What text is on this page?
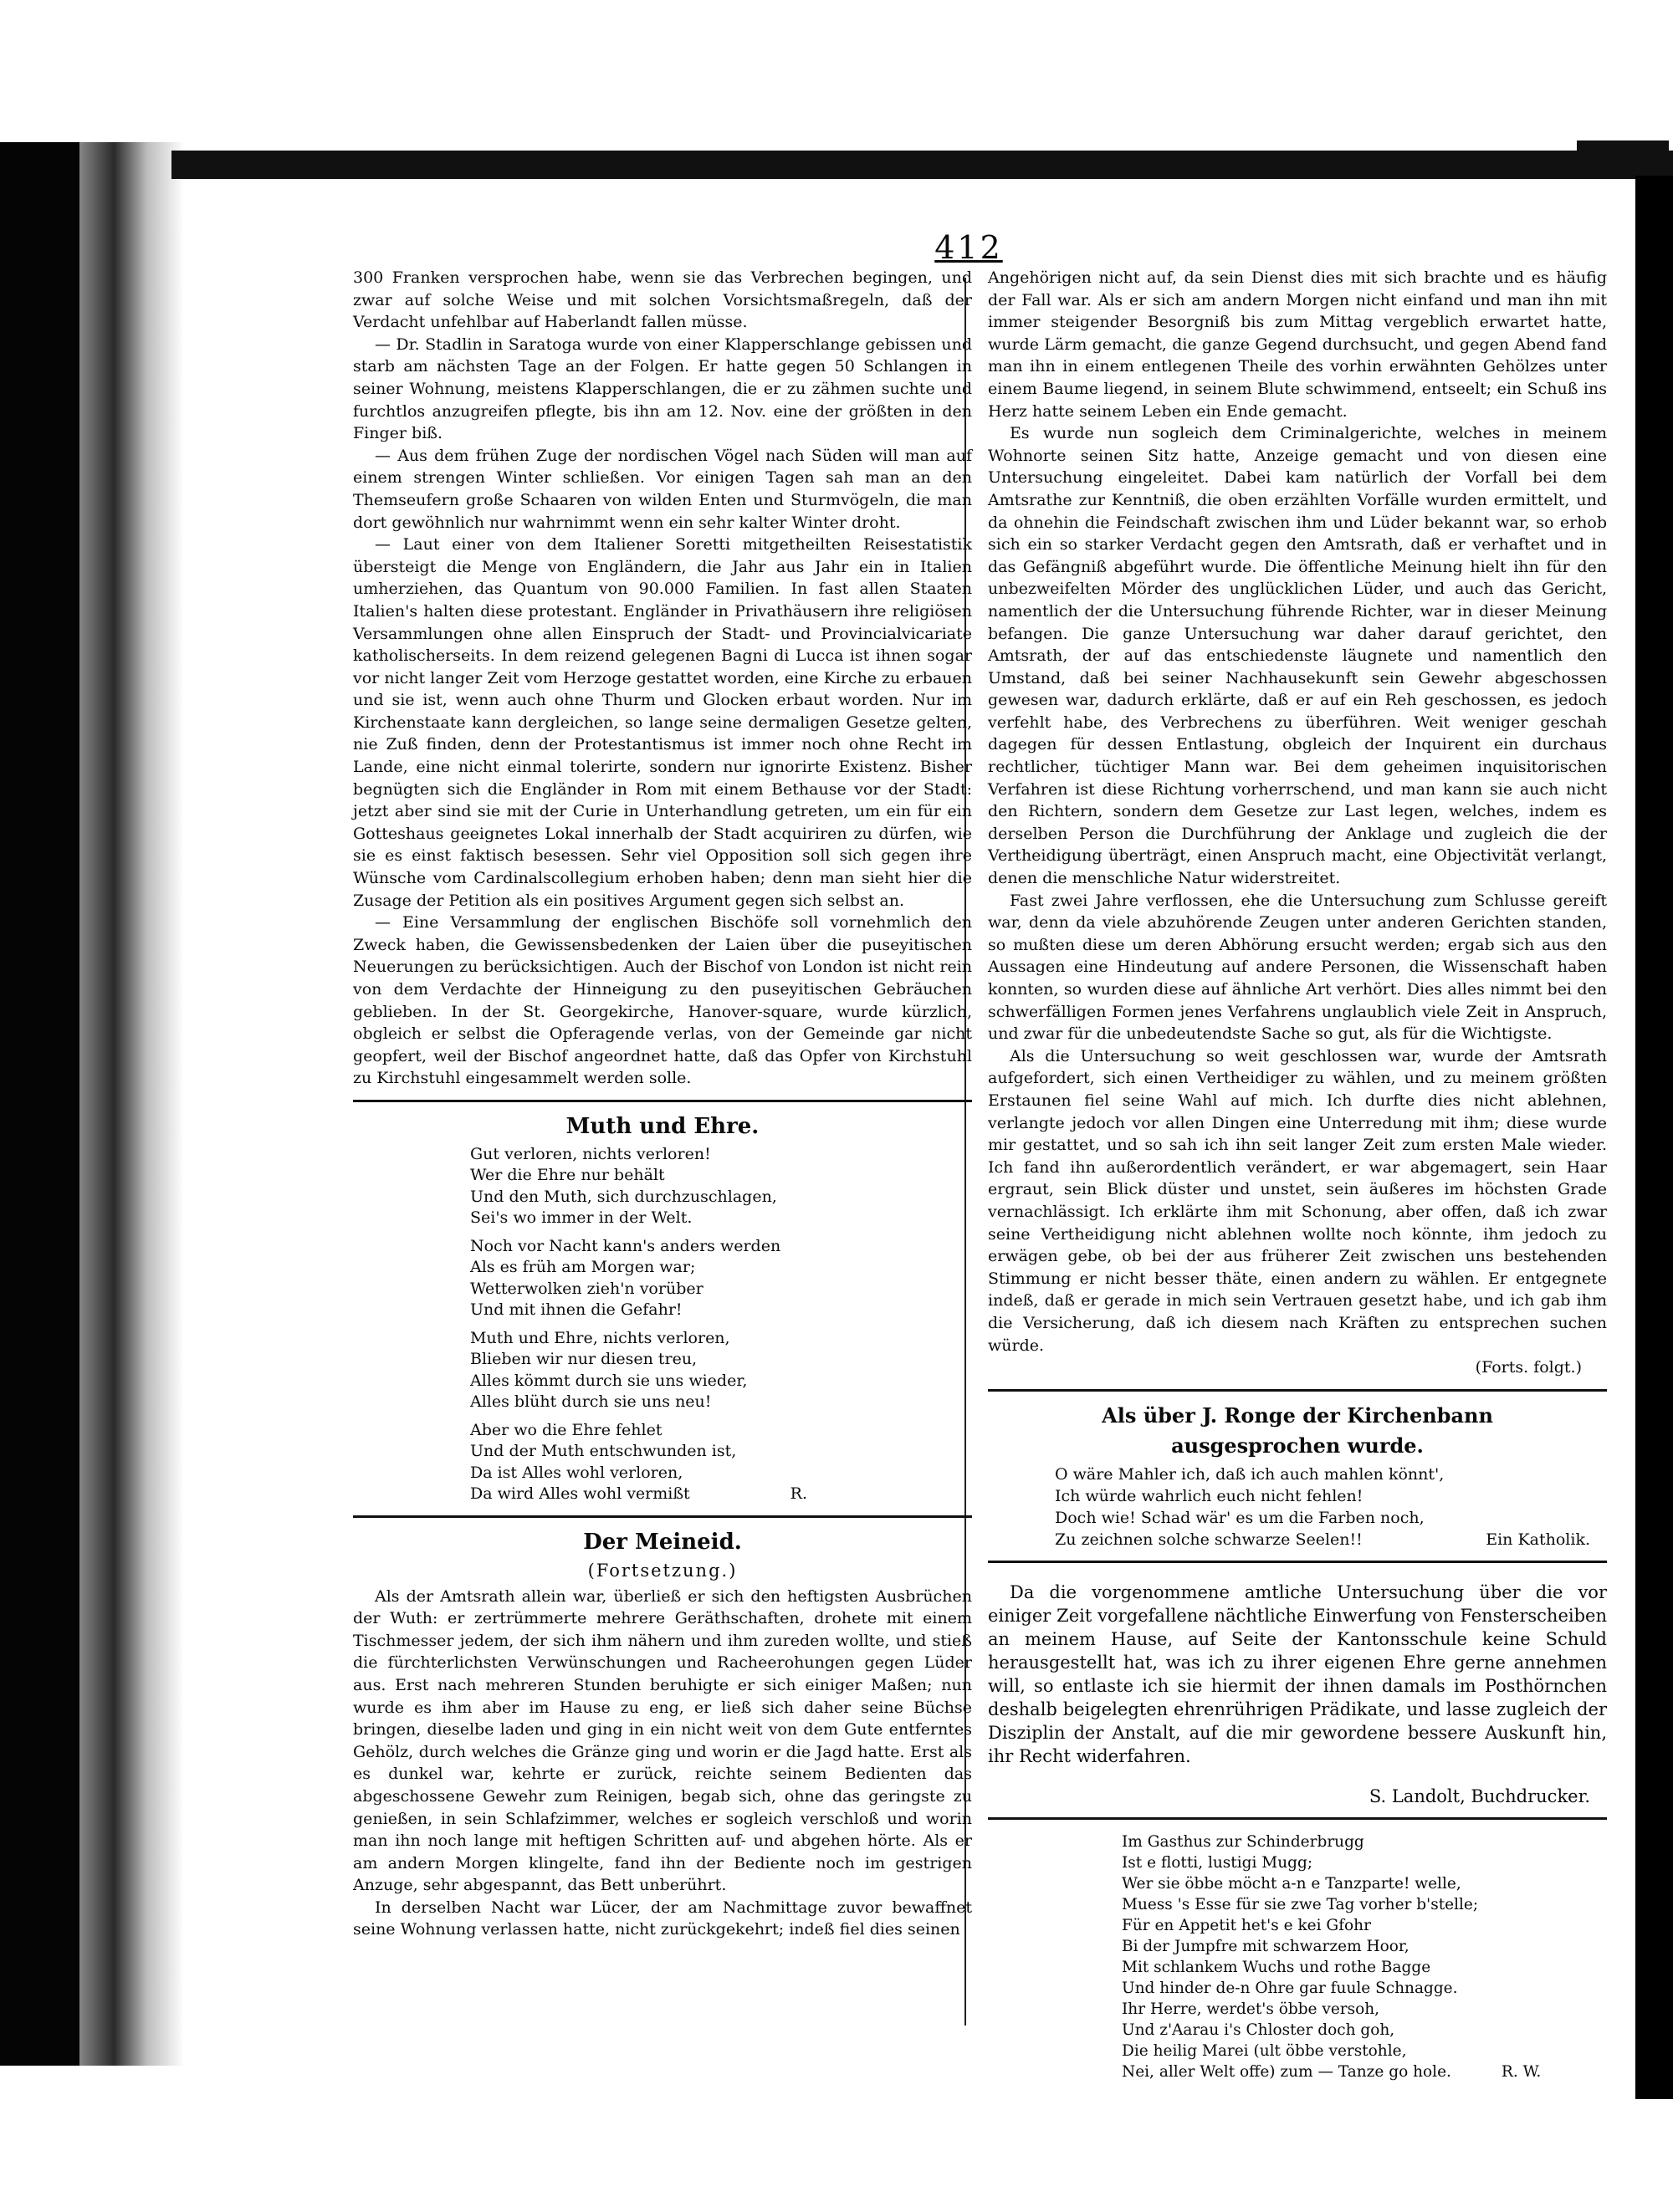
412

300 Franken versprochen habe, wenn sie das Verbrechen begingen, und zwar auf solche Weise und mit solchen Vorsichtsmaßregeln, daß der Verdacht unfehlbar auf Haberlandt fallen müsse.

— Dr. Stadlin in Saratoga wurde von einer Klapperschlange gebissen und starb am nächsten Tage an der Folgen. Er hatte gegen 50 Schlangen in seiner Wohnung, meistens Klapperschlangen, die er zu zähmen suchte und furchtlos anzugreifen pflegte, bis ihn am 12. Nov. eine der größten in den Finger biß.

— Aus dem frühen Zuge der nordischen Vögel nach Süden will man auf einem strengen Winter schließen. Vor einigen Tagen sah man an den Themseufern große Schaaren von wilden Enten und Sturmvögeln, die man dort gewöhnlich nur wahrnimmt wenn ein sehr kalter Winter droht.

— Laut einer von dem Italiener Soretti mitgetheilten Reisestatistik übersteigt die Menge von Engländern, die Jahr aus Jahr ein in Italien umherziehen, das Quantum von 90.000 Familien. In fast allen Staaten Italien's halten diese protestant. Engländer in Privathäusern ihre religiösen Versammlungen ohne allen Einspruch der Stadt- und Provincialvicariate katholischerseits. In dem reizend gelegenen Bagni di Lucca ist ihnen sogar vor nicht langer Zeit vom Herzoge gestattet worden, eine Kirche zu erbauen und sie ist, wenn auch ohne Thurm und Glocken erbaut worden. Nur im Kirchenstaate kann dergleichen, so lange seine dermaligen Gesetze gelten, nie Zuß finden, denn der Protestantismus ist immer noch ohne Recht im Lande, eine nicht einmal tolerirte, sondern nur ignorirte Existenz. Bisher begnügten sich die Engländer in Rom mit einem Bethause vor der Stadt: jetzt aber sind sie mit der Curie in Unterhandlung getreten, um ein für ein Gotteshaus geeignetes Lokal innerhalb der Stadt acquiriren zu dürfen, wie sie es einst faktisch besessen. Sehr viel Opposition soll sich gegen ihre Wünsche vom Cardinalscollegium erhoben haben; denn man sieht hier die Zusage der Petition als ein positives Argument gegen sich selbst an.

— Eine Versammlung der englischen Bischöfe soll vornehmlich den Zweck haben, die Gewissensbedenken der Laien über die puseyitischen Neuerungen zu berücksichtigen. Auch der Bischof von London ist nicht rein von dem Verdachte der Hinneigung zu den puseyitischen Gebräuchen geblieben. In der St. Georgekirche, Hanover-square, wurde kürzlich, obgleich er selbst die Opferagende verlas, von der Gemeinde gar nicht geopfert, weil der Bischof angeordnet hatte, daß das Opfer von Kirchstuhl zu Kirchstuhl eingesammelt werden solle.

Muth und Ehre.
Gut verloren, nichts verloren!
Wer die Ehre nur behält
Und den Muth, sich durchzuschlagen,
Sei's wo immer in der Welt.
Noch vor Nacht kann's anders werden
Als es früh am Morgen war;
Wetterwolken zieh'n vorüber
Und mit ihnen die Gefahr!
Muth und Ehre, nichts verloren,
Blieben wir nur diesen treu,
Alles kömmt durch sie uns wieder,
Alles blüht durch sie uns neu!
Aber wo die Ehre fehlet
Und der Muth entschwunden ist,
Da ist Alles wohl verloren,
Da wird Alles wohl vermißt	R.
Der Meineid.
(Fortsetzung.)

Als der Amtsrath allein war, überließ er sich den heftigsten Ausbrüchen der Wuth: er zertrümmerte mehrere Geräthschaften, drohete mit einem Tischmesser jedem, der sich ihm nähern und ihm zureden wollte, und stieß die fürchterlichsten Verwünschungen und Racheerohungen gegen Lüder aus. Erst nach mehreren Stunden beruhigte er sich einiger Maßen; nun wurde es ihm aber im Hause zu eng, er ließ sich daher seine Büchse bringen, dieselbe laden und ging in ein nicht weit von dem Gute entferntes Gehölz, durch welches die Gränze ging und worin er die Jagd hatte. Erst als es dunkel war, kehrte er zurück, reichte seinem Bedienten das abgeschossene Gewehr zum Reinigen, begab sich, ohne das geringste zu genießen, in sein Schlafzimmer, welches er sogleich verschloß und worin man ihn noch lange mit heftigen Schritten auf- und abgehen hörte. Als er am andern Morgen klingelte, fand ihn der Bediente noch im gestrigen Anzuge, sehr abgespannt, das Bett unberührt.

In derselben Nacht war Lücer, der am Nachmittage zuvor bewaffnet seine Wohnung verlassen hatte, nicht zurückgekehrt; indeß fiel dies seinen

Angehörigen nicht auf, da sein Dienst dies mit sich brachte und es häufig der Fall war. Als er sich am andern Morgen nicht einfand und man ihn mit immer steigender Besorgniß bis zum Mittag vergeblich erwartet hatte, wurde Lärm gemacht, die ganze Gegend durchsucht, und gegen Abend fand man ihn in einem entlegenen Theile des vorhin erwähnten Gehölzes unter einem Baume liegend, in seinem Blute schwimmend, entseelt; ein Schuß ins Herz hatte seinem Leben ein Ende gemacht.

Es wurde nun sogleich dem Criminalgerichte, welches in meinem Wohnorte seinen Sitz hatte, Anzeige gemacht und von diesen eine Untersuchung eingeleitet. Dabei kam natürlich der Vorfall bei dem Amtsrathe zur Kenntniß, die oben erzählten Vorfälle wurden ermittelt, und da ohnehin die Feindschaft zwischen ihm und Lüder bekannt war, so erhob sich ein so starker Verdacht gegen den Amtsrath, daß er verhaftet und in das Gefängniß abgeführt wurde. Die öffentliche Meinung hielt ihn für den unbezweifelten Mörder des unglücklichen Lüder, und auch das Gericht, namentlich der die Untersuchung führende Richter, war in dieser Meinung befangen. Die ganze Untersuchung war daher darauf gerichtet, den Amtsrath, der auf das entschiedenste läugnete und namentlich den Umstand, daß bei seiner Nachhausekunft sein Gewehr abgeschossen gewesen war, dadurch erklärte, daß er auf ein Reh geschossen, es jedoch verfehlt habe, des Verbrechens zu überführen. Weit weniger geschah dagegen für dessen Entlastung, obgleich der Inquirent ein durchaus rechtlicher, tüchtiger Mann war. Bei dem geheimen inquisitorischen Verfahren ist diese Richtung vorherrschend, und man kann sie auch nicht den Richtern, sondern dem Gesetze zur Last legen, welches, indem es derselben Person die Durchführung der Anklage und zugleich die der Vertheidigung überträgt, einen Anspruch macht, eine Objectivität verlangt, denen die menschliche Natur widerstreitet.

Fast zwei Jahre verflossen, ehe die Untersuchung zum Schlusse gereift war, denn da viele abzuhörende Zeugen unter anderen Gerichten standen, so mußten diese um deren Abhörung ersucht werden; ergab sich aus den Aussagen eine Hindeutung auf andere Personen, die Wissenschaft haben konnten, so wurden diese auf ähnliche Art verhört. Dies alles nimmt bei den schwerfälligen Formen jenes Verfahrens unglaublich viele Zeit in Anspruch, und zwar für die unbedeutendste Sache so gut, als für die Wichtigste.

Als die Untersuchung so weit geschlossen war, wurde der Amtsrath aufgefordert, sich einen Vertheidiger zu wählen, und zu meinem größten Erstaunen fiel seine Wahl auf mich. Ich durfte dies nicht ablehnen, verlangte jedoch vor allen Dingen eine Unterredung mit ihm; diese wurde mir gestattet, und so sah ich ihn seit langer Zeit zum ersten Male wieder. Ich fand ihn außerordentlich verändert, er war abgemagert, sein Haar ergraut, sein Blick düster und unstet, sein äußeres im höchsten Grade vernachlässigt. Ich erklärte ihm mit Schonung, aber offen, daß ich zwar seine Vertheidigung nicht ablehnen wollte noch könnte, ihm jedoch zu erwägen gebe, ob bei der aus früherer Zeit zwischen uns bestehenden Stimmung er nicht besser thäte, einen andern zu wählen. Er entgegnete indeß, daß er gerade in mich sein Vertrauen gesetzt habe, und ich gab ihm die Versicherung, daß ich diesem nach Kräften zu entsprechen suchen würde.

(Forts. folgt.)
Als über J. Ronge der Kirchenbann
ausgesprochen wurde.
O wäre Mahler ich, daß ich auch mahlen könnt',
Ich würde wahrlich euch nicht fehlen!
Doch wie! Schad wär' es um die Farben noch,
Zu zeichnen solche schwarze Seelen!!	Ein Katholik.

Da die vorgenommene amtliche Untersuchung über die vor einiger Zeit vorgefallene nächtliche Einwerfung von Fensterscheiben an meinem Hause, auf Seite der Kantonsschule keine Schuld herausgestellt hat, was ich zu ihrer eigenen Ehre gerne annehmen will, so entlaste ich sie hiermit der ihnen damals im Posthörnchen deshalb beigelegten ehrenrührigen Prädikate, und lasse zugleich der Disziplin der Anstalt, auf die mir gewordene bessere Auskunft hin, ihr Recht widerfahren.

S. Landolt, Buchdrucker.
Im Gasthus zur Schinderbrugg
Ist e flotti, lustigi Mugg;
Wer sie öbbe möcht a-n e Tanzparte! welle,
Muess 's Esse für sie zwe Tag vorher b'stelle;
Für en Appetit het's e kei Gfohr
Bi der Jumpfre mit schwarzem Hoor,
Mit schlankem Wuchs und rothe Bagge
Und hinder de-n Ohre gar fuule Schnagge.
Ihr Herre, werdet's öbbe versoh,
Und z'Aarau i's Chloster doch goh,
Die heilig Marei (ult öbbe verstohle,
Nei, aller Welt offe) zum — Tanze go hole.	R. W.
